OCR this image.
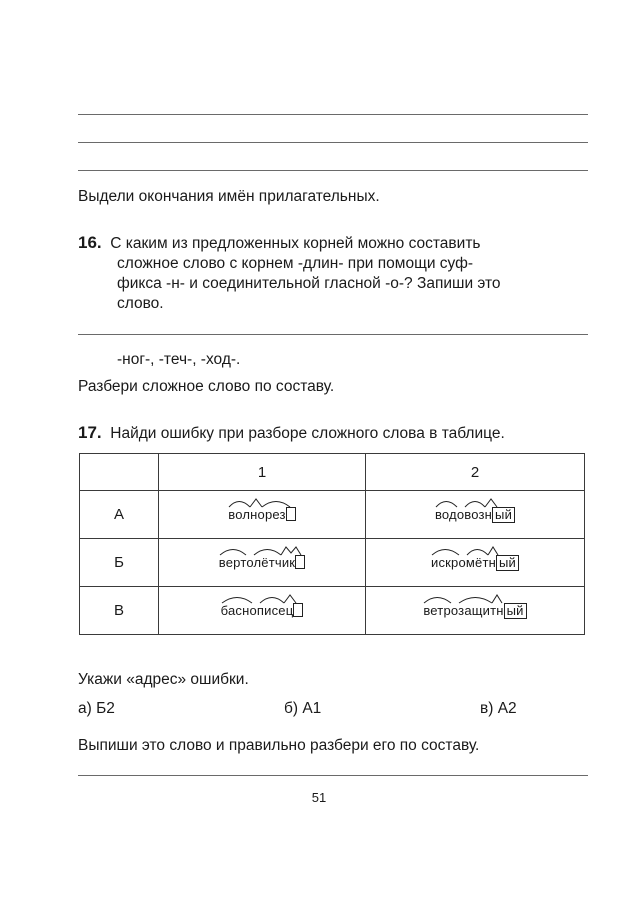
Выдели окончания имён прилагательных.
16. С каким из предложенных корней можно составить
сложное слово с корнем -длин- при помощи суф-
фикса -н- и соединительной гласной -о-? Запиши это
слово.
-ног-, -теч-, -ход-.
Разбери сложное слово по составу.
17. Найди ошибку при разборе сложного слова в таблице.
	1	2
А	волнорез	водовозн ый
Б	вертолётчик	искромётн ый
В	баснописец	ветрозащитн ый
Укажи «адрес» ошибки.
а) Б2	б) А1	в) А2
Выпиши это слово и правильно разбери его по составу.
51
